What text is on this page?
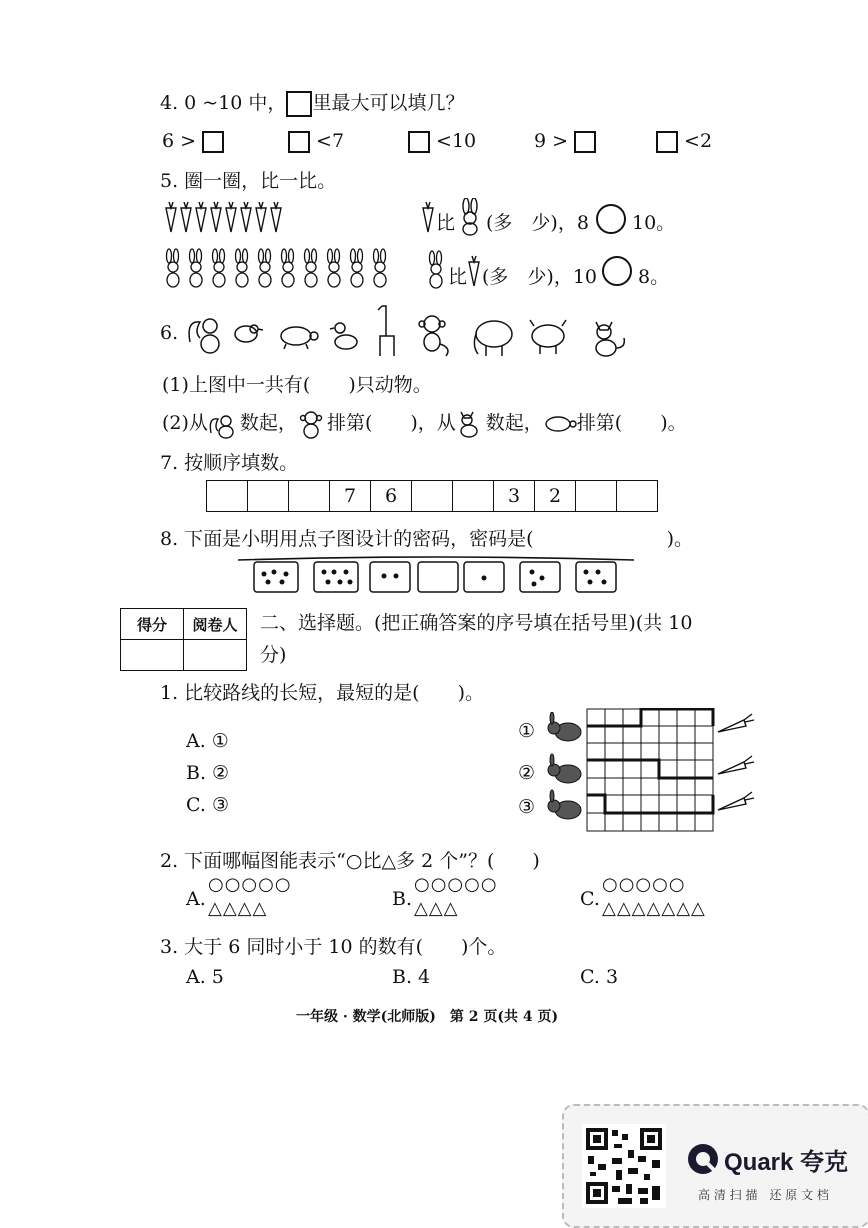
4. 0 ~10 中， 里最大可以填几？
6 >	<7	<10	9 >	<2
5. 圈一圈，比一比。
比 (多　少)，8 10。
比 (多　少)，10 8。
6.
(1)上图中一共有(　　)只动物。
(2)从 数起， 排第(　　)，从 数起， 排第(　　)。
7. 按顺序填数。
			7	6			3	2		
8. 下面是小明用点子图设计的密码，密码是(　　　　　　　)。
得分	阅卷人
	二、选择题。(把正确答案的序号填在括号里)(共 10
分)
1. 比较路线的长短，最短的是(　　)。
A. ①
B. ②
C. ③
①
②
③
2. 下面哪幅图能表示“○比△多 2 个”？(　　)
A.
○○○○○
△△△△	B.
○○○○○
△△△	C.
○○○○○
△△△△△△△
3. 大于 6 同时小于 10 的数有(　　)个。
A. 5	B. 4	C. 3
一年级 · 数学(北师版)　第 2 页(共 4 页)
Quark 夸克
高 清 扫 描　还 原 文 档
